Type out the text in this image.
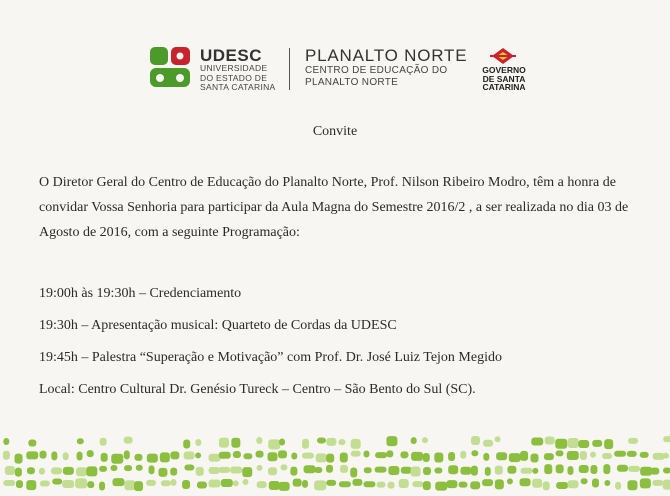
UDESC
UNIVERSIDADE
DO ESTADO DE
SANTA CATARINA
PLANALTO NORTE
CENTRO DE EDUCAÇÃO DO
PLANALTO NORTE
GOVERNO
DE SANTA
CATARINA
Convite

O Diretor Geral do Centro de Educação do Planalto Norte, Prof. Nilson Ribeiro Modro, têm a honra de
convidar Vossa Senhoria para participar da Aula Magna do Semestre 2016/2 , a ser realizada no dia 03 de
Agosto de 2016, com a seguinte Programação:

19:00h às 19:30h – Credenciamento
19:30h – Apresentação musical: Quarteto de Cordas da UDESC
19:45h – Palestra “Superação e Motivação” com Prof. Dr. José Luiz Tejon Megido
Local: Centro Cultural Dr. Genésio Tureck – Centro – São Bento do Sul (SC).
